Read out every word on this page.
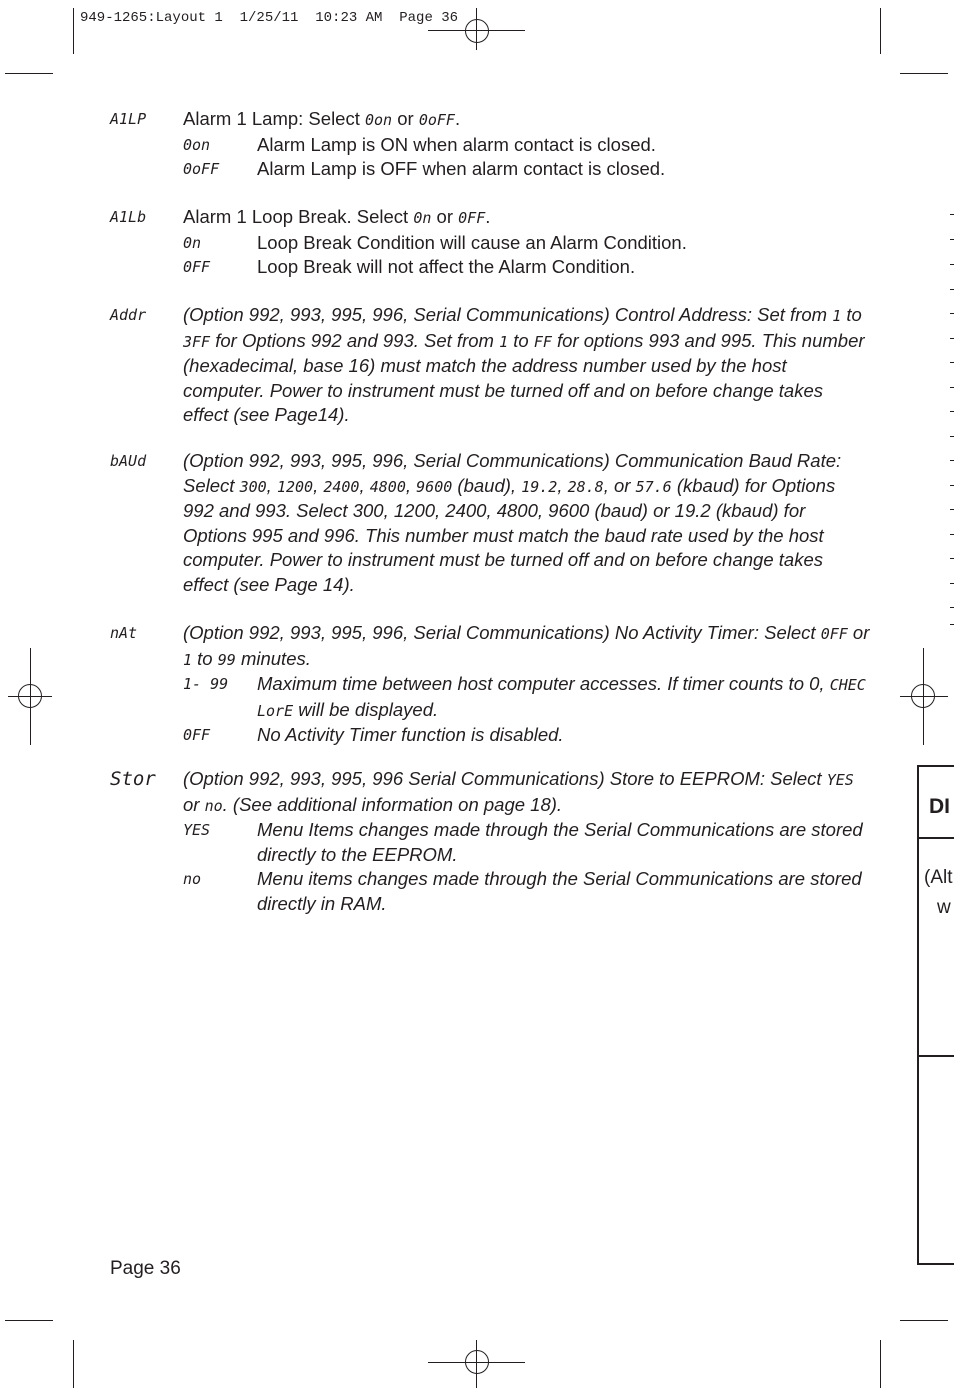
949-1265:Layout 1  1/25/11  10:23 AM  Page 36
A1LP Alarm 1 Lamp: Select 0on or 0oFF.
0on	Alarm Lamp is ON when alarm contact is closed.
0oFF Alarm Lamp is OFF when alarm contact is closed.
A1Lb Alarm 1 Loop Break. Select 0n or 0FF.
0n	Loop Break Condition will cause an Alarm Condition.
0FF	Loop Break will not affect the Alarm Condition.
Addr (Option 992, 993, 995, 996, Serial Communications) Control Address: Set from 1 to 3FF for Options 992 and 993. Set from 1 to FF for options 993 and 995. This number (hexadecimal, base 16) must match the address number used by the host computer. Power to instrument must be turned off and on before change takes effect (see Page14).
bAUd (Option 992, 993, 995, 996, Serial Communications) Communication Baud Rate: Select 300, 1200, 2400, 4800, 9600 (baud), 19.2, 28.8, or 57.6 (kbaud) for Options 992 and 993. Select 300, 1200, 2400, 4800, 9600 (baud) or 19.2 (kbaud) for Options 995 and 996. This number must match the baud rate used by the host computer. Power to instrument must be turned off and on before change takes effect (see Page 14).
nAt (Option 992, 993, 995, 996, Serial Communications) No Activity Timer: Select 0FF or 1 to 99 minutes.
1- 99 Maximum time between host computer accesses. If timer counts to 0, CHEC LorE will be displayed.
0FF	No Activity Timer function is disabled.
Stor (Option 992, 993, 995, 996 Serial Communications) Store to EEPROM: Select YES or no. (See additional information on page 18).
YES	Menu Items changes made through the Serial Communications are stored directly to the EEPROM.
no	Menu items changes made through the Serial Communications are stored directly in RAM.
Page 36
DI
(Alt
w
